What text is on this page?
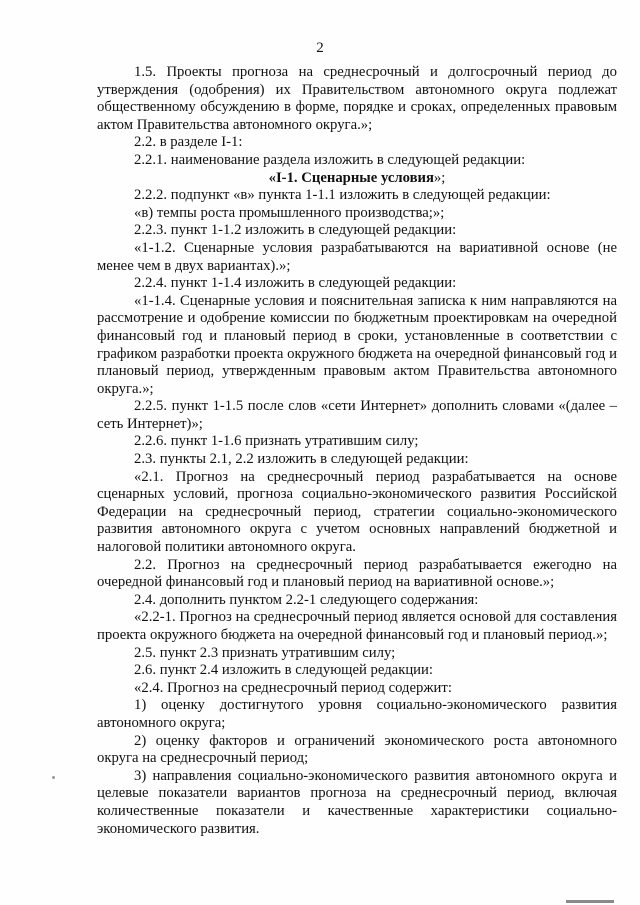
2

1.5. Проекты прогноза на среднесрочный и долгосрочный период до утверждения (одобрения) их Правительством автономного округа подлежат общественному обсуждению в форме, порядке и сроках, определенных правовым актом Правительства автономного округа.»;

2.2. в разделе I-1:

2.2.1. наименование раздела изложить в следующей редакции:

«I-1. Сценарные условия»;

2.2.2. подпункт «в» пункта 1-1.1 изложить в следующей редакции:

«в) темпы роста промышленного производства;»;

2.2.3. пункт 1-1.2 изложить в следующей редакции:

«1-1.2. Сценарные условия разрабатываются на вариативной основе (не менее чем в двух вариантах).»;

2.2.4. пункт 1-1.4 изложить в следующей редакции:

«1-1.4. Сценарные условия и пояснительная записка к ним направляются на рассмотрение и одобрение комиссии по бюджетным проектировкам на очередной финансовый год и плановый период в сроки, установленные в соответствии с графиком разработки проекта окружного бюджета на очередной финансовый год и плановый период, утвержденным правовым актом Правительства автономного округа.»;

2.2.5. пункт 1-1.5 после слов «сети Интернет» дополнить словами «(далее – сеть Интернет)»;

2.2.6. пункт 1-1.6 признать утратившим силу;

2.3. пункты 2.1, 2.2 изложить в следующей редакции:

«2.1. Прогноз на среднесрочный период разрабатывается на основе сценарных условий, прогноза социально-экономического развития Российской Федерации на среднесрочный период, стратегии социально-экономического развития автономного округа с учетом основных направлений бюджетной и налоговой политики автономного округа.

2.2. Прогноз на среднесрочный период разрабатывается ежегодно на очередной финансовый год и плановый период на вариативной основе.»;

2.4. дополнить пунктом 2.2-1 следующего содержания:

«2.2-1. Прогноз на среднесрочный период является основой для составления проекта окружного бюджета на очередной финансовый год и плановый период.»;

2.5. пункт 2.3 признать утратившим силу;

2.6. пункт 2.4 изложить в следующей редакции:

«2.4. Прогноз на среднесрочный период содержит:

1) оценку достигнутого уровня социально-экономического развития автономного округа;

2) оценку факторов и ограничений экономического роста автономного округа на среднесрочный период;

3) направления социально-экономического развития автономного округа и целевые показатели вариантов прогноза на среднесрочный период, включая количественные показатели и качественные характеристики социально-экономического развития.
